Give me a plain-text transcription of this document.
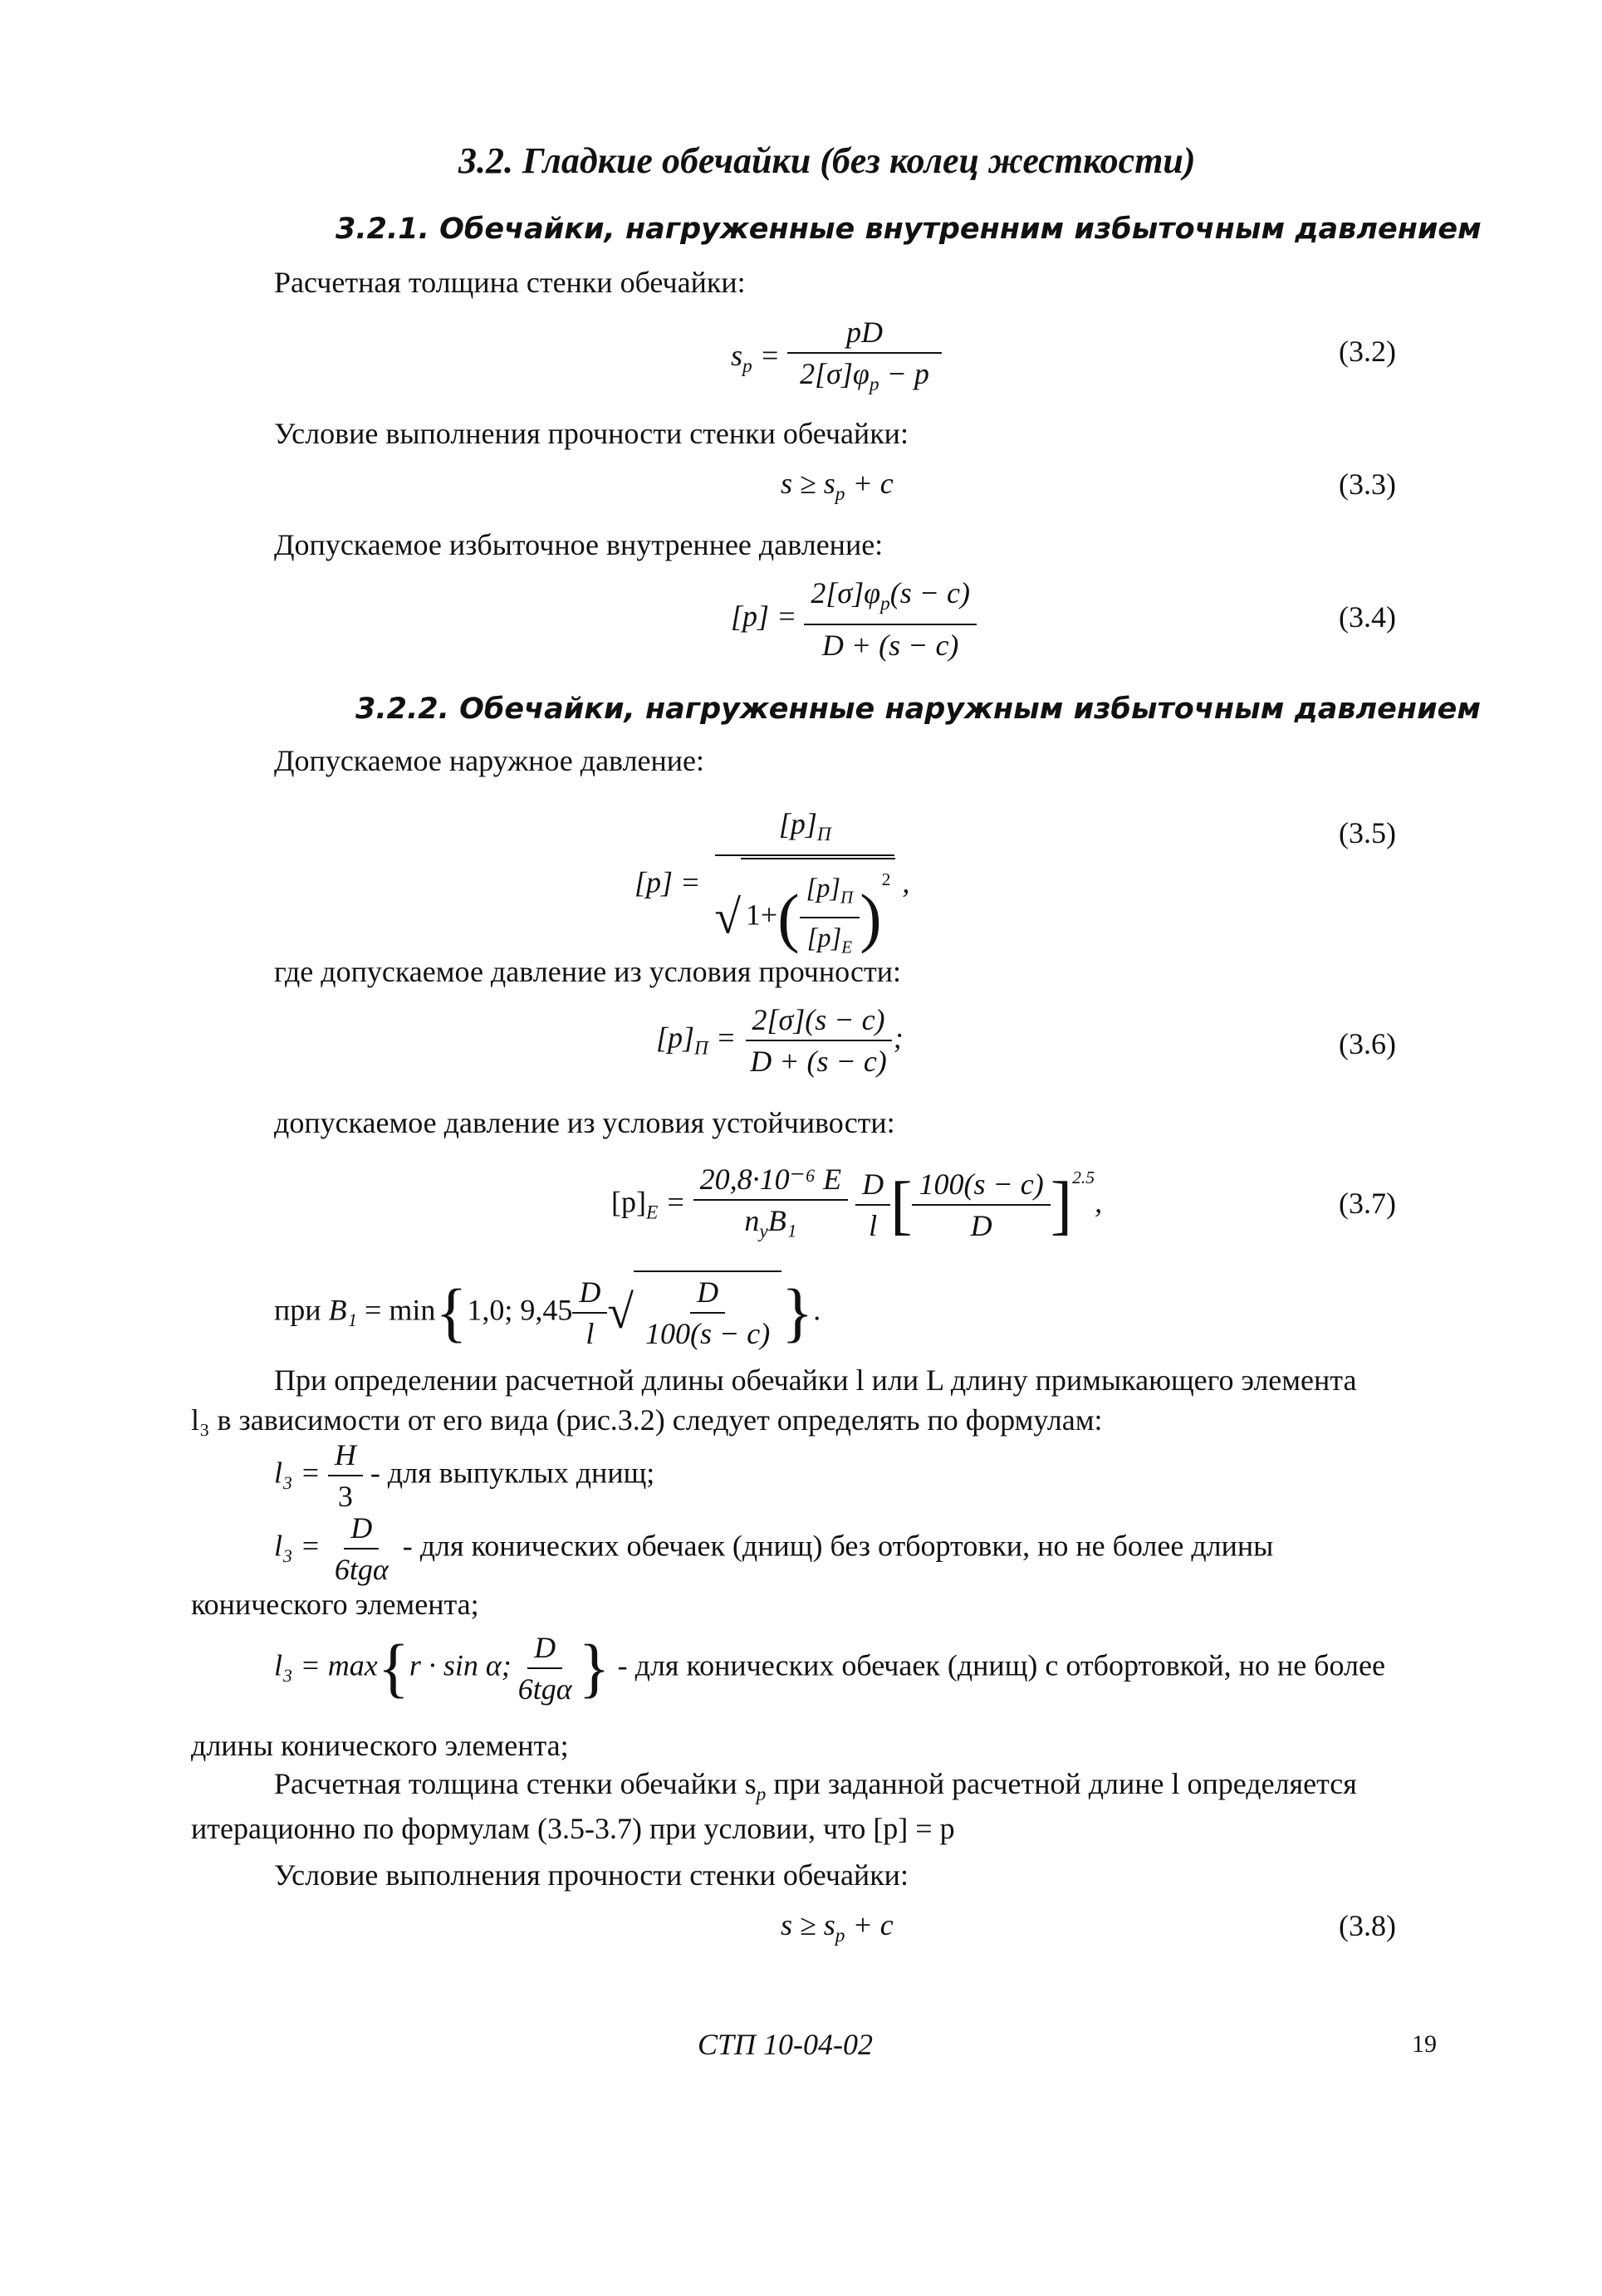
3.2. Гладкие обечайки (без колец жесткости)
3.2.1. Обечайки, нагруженные внутренним избыточным давлением
Расчетная толщина стенки обечайки:
$s_p = \frac{pD}{2[\sigma]\varphi_p - p}$	(3.2)
Условие выполнения прочности стенки обечайки:
$s \ge s_p + c$	(3.3)
Допускаемое избыточное внутреннее давление:
$[p] = \frac{2[\sigma]\varphi_p(s - c)}{D + (s - c)}$	(3.4)
3.2.2. Обечайки, нагруженные наружным избыточным давлением
Допускаемое наружное давление:
$[p] = \frac{[p]_П}{√ 1+( \frac{[p]_П}{[p]_E} )^2}$ ,
(3.5)
где допускаемое давление из условия прочности:
$[p]_П = \frac{2[\sigma](s - c)}{D + (s - c)}$ ;	(3.6)
допускаемое давление из условия устойчивости:
$[p]_E = \frac{\text{20,8·10⁻⁶ E}}{n_yB_1}$
$\frac{D}{l}$ [ $\frac{100(s - c)}{D} ]^{2.5}$,	(3.7)
при B₁ = min{1,0; $9,45 \frac{D}{l}$ √ $\frac{D}{100(s - c)}$ }.
При определении расчетной длины обечайки l или L длину примыкающего элемента
l₃ в зависимости от его вида (рис.3.2) следует определять по формулам:
$l_3 = \frac{H}{3}$ - для выпуклых днищ;
$l_3 = \frac{D}{\text{6tgα}}$ - для конических обечаек (днищ) без отбортовки, но не более длины
конического элемента;
l₃ = max{r · sin α; $\frac{D}{\text{6tgα}}$ } - для конических обечаек (днищ) с отбортовкой, но не более
длины конического элемента;
Расчетная толщина стенки обечайки $s_p$ при заданной расчетной длине l определяется
итерационно по формулам (3.5-3.7) при условии, что [p] = p
Условие выполнения прочности стенки обечайки:
$s \ge s_p + c$	(3.8)
СТП 10-04-02	19
